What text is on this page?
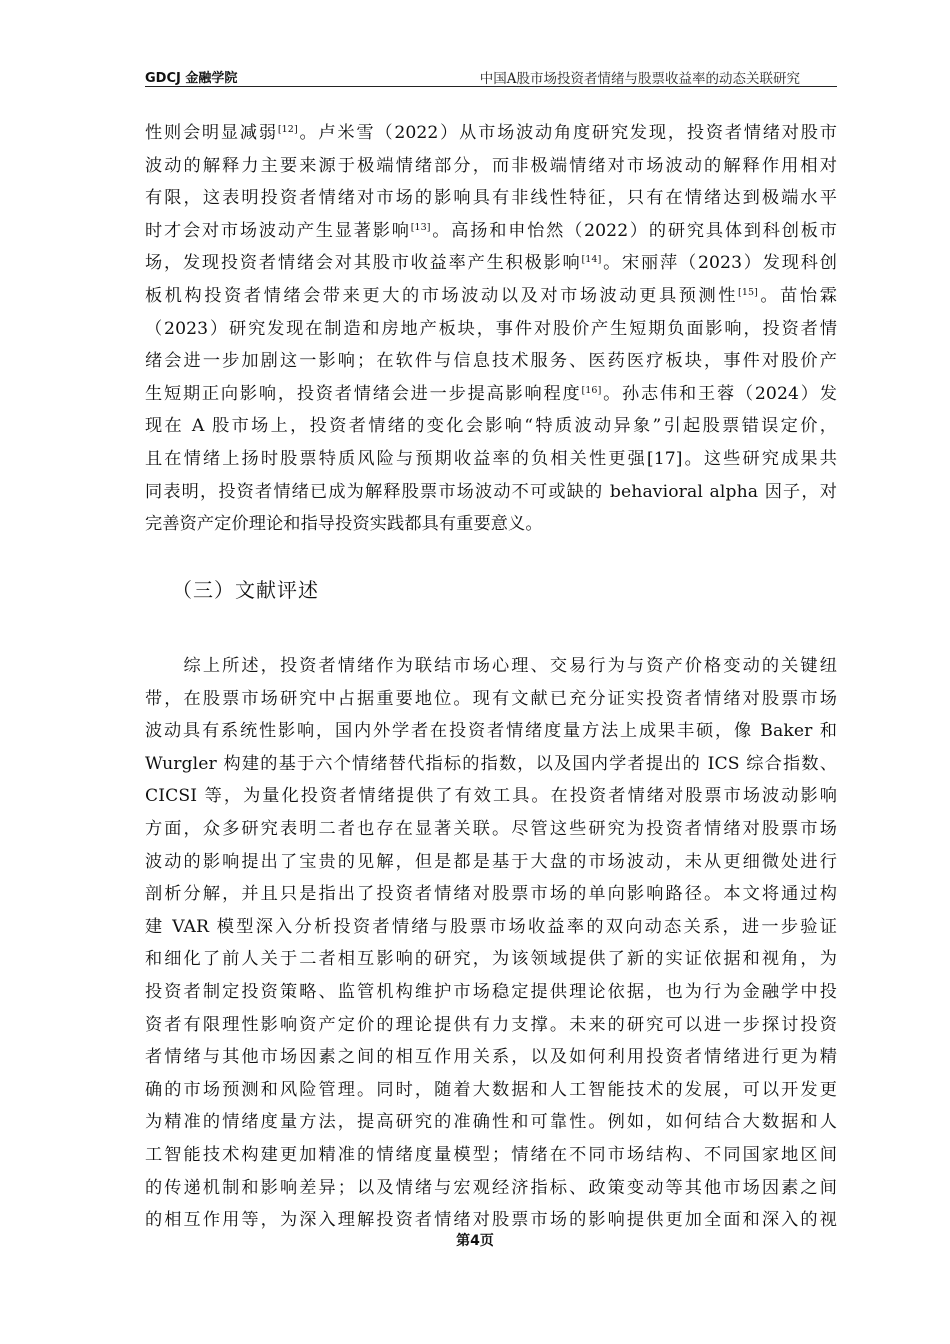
GDCJ 金融学院	中国A股市场投资者情绪与股票收益率的动态关联研究
性则会明显减弱[12]。卢米雪（2022）从市场波动角度研究发现，投资者情绪对股市
波动的解释力主要来源于极端情绪部分，而非极端情绪对市场波动的解释作用相对
有限，这表明投资者情绪对市场的影响具有非线性特征，只有在情绪达到极端水平
时才会对市场波动产生显著影响[13]。高扬和申怡然（2022）的研究具体到科创板市
场，发现投资者情绪会对其股市收益率产生积极影响[14]。宋丽萍（2023）发现科创
板机构投资者情绪会带来更大的市场波动以及对市场波动更具预测性[15]。苗怡霖
（2023）研究发现在制造和房地产板块，事件对股价产生短期负面影响，投资者情
绪会进一步加剧这一影响；在软件与信息技术服务、医药医疗板块，事件对股价产
生短期正向影响，投资者情绪会进一步提高影响程度[16]。孙志伟和王蓉（2024）发
现在 A 股市场上，投资者情绪的变化会影响“特质波动异象”引起股票错误定价，
且在情绪上扬时股票特质风险与预期收益率的负相关性更强[17]。这些研究成果共
同表明，投资者情绪已成为解释股票市场波动不可或缺的 behavioral alpha 因子，对
完善资产定价理论和指导投资实践都具有重要意义。
（三）文献评述
　　综上所述，投资者情绪作为联结市场心理、交易行为与资产价格变动的关键纽
带，在股票市场研究中占据重要地位。现有文献已充分证实投资者情绪对股票市场
波动具有系统性影响，国内外学者在投资者情绪度量方法上成果丰硕，像 Baker 和
Wurgler 构建的基于六个情绪替代指标的指数，以及国内学者提出的 ICS 综合指数、
CICSI 等，为量化投资者情绪提供了有效工具。在投资者情绪对股票市场波动影响
方面，众多研究表明二者也存在显著关联。尽管这些研究为投资者情绪对股票市场
波动的影响提出了宝贵的见解，但是都是基于大盘的市场波动，未从更细微处进行
剖析分解，并且只是指出了投资者情绪对股票市场的单向影响路径。本文将通过构
建 VAR 模型深入分析投资者情绪与股票市场收益率的双向动态关系，进一步验证
和细化了前人关于二者相互影响的研究，为该领域提供了新的实证依据和视角，为
投资者制定投资策略、监管机构维护市场稳定提供理论依据，也为行为金融学中投
资者有限理性影响资产定价的理论提供有力支撑。未来的研究可以进一步探讨投资
者情绪与其他市场因素之间的相互作用关系，以及如何利用投资者情绪进行更为精
确的市场预测和风险管理。同时，随着大数据和人工智能技术的发展，可以开发更
为精准的情绪度量方法，提高研究的准确性和可靠性。例如，如何结合大数据和人
工智能技术构建更加精准的情绪度量模型；情绪在不同市场结构、不同国家地区间
的传递机制和影响差异；以及情绪与宏观经济指标、政策变动等其他市场因素之间
的相互作用等，为深入理解投资者情绪对股票市场的影响提供更加全面和深入的视
第4页
